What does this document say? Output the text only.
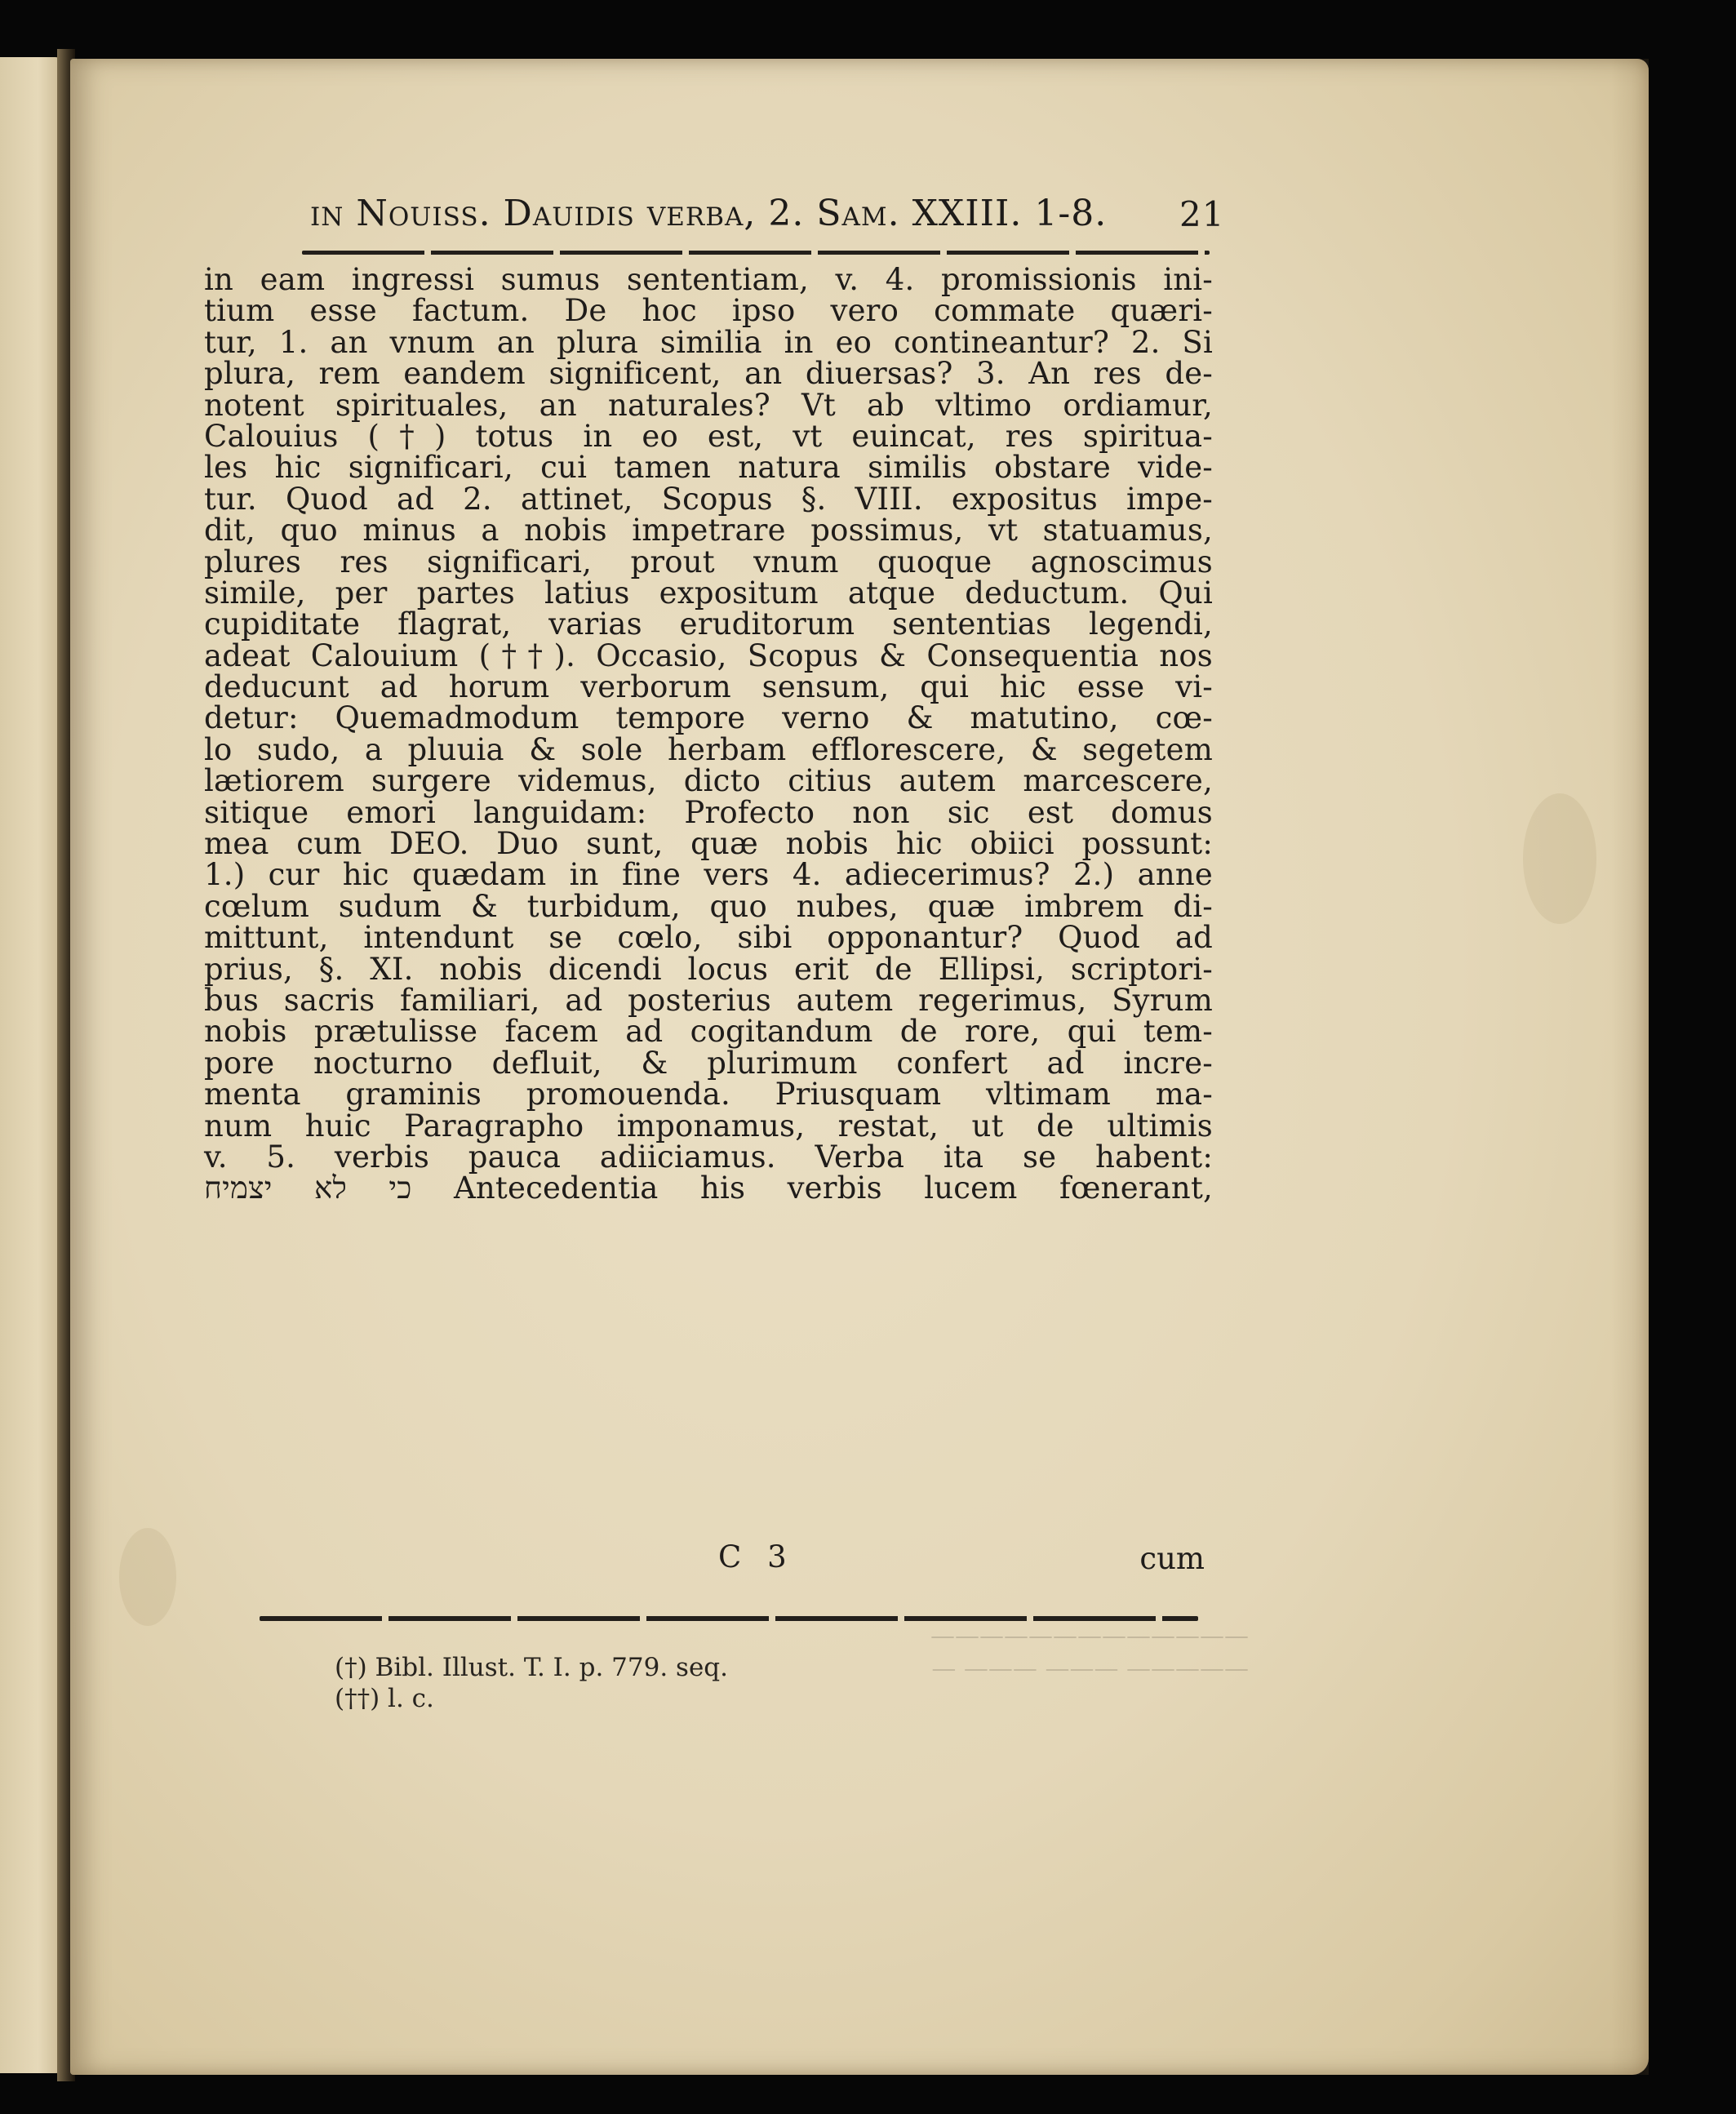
in Nouiss. Dauidis verba, 2. Sam. XXIII. 1-8. 21
in eam ingressi sumus sententiam, v. 4. promissionis ini-
tium esse factum. De hoc ipso vero commate quæri-
tur, 1. an vnum an plura similia in eo contineantur? 2. Si
plura, rem eandem significent, an diuersas? 3. An res de-
notent spirituales, an naturales? Vt ab vltimo ordiamur,
Calouius (†) totus in eo est, vt euincat, res spiritua-
les hic significari, cui tamen natura similis obstare vide-
tur. Quod ad 2. attinet, Scopus §. VIII. expositus impe-
dit, quo minus a nobis impetrare possimus, vt statuamus,
plures res significari, prout vnum quoque agnoscimus
simile, per partes latius expositum atque deductum. Qui
cupiditate flagrat, varias eruditorum sententias legendi,
adeat Calouium (††). Occasio, Scopus & Consequentia nos
deducunt ad horum verborum sensum, qui hic esse vi-
detur: Quemadmodum tempore verno & matutino, cœ-
lo sudo, a pluuia & sole herbam efflorescere, & segetem
lætiorem surgere videmus, dicto citius autem marcescere,
sitique emori languidam: Profecto non sic est domus
mea cum DEO. Duo sunt, quæ nobis hic obiici possunt:
1.) cur hic quædam in fine vers 4. adiecerimus? 2.) anne
cœlum sudum & turbidum, quo nubes, quæ imbrem di-
mittunt, intendunt se cœlo, sibi opponantur? Quod ad
prius, §. XI. nobis dicendi locus erit de Ellipsi, scriptori-
bus sacris familiari, ad posterius autem regerimus, Syrum
nobis prætulisse facem ad cogitandum de rore, qui tem-
pore nocturno defluit, & plurimum confert ad incre-
menta graminis promouenda. Priusquam vltimam ma-
num huic Paragrapho imponamus, restat, ut de ultimis
v. 5. verbis pauca adiiciamus. Verba ita se habent:
כי לא יצמיח Antecedentia his verbis lucem fœnerant,
C 3	cum
—————————————
————— ——— ——— —
(†) Bibl. Illust. T. I. p. 779. seq.
(††) l. c.
